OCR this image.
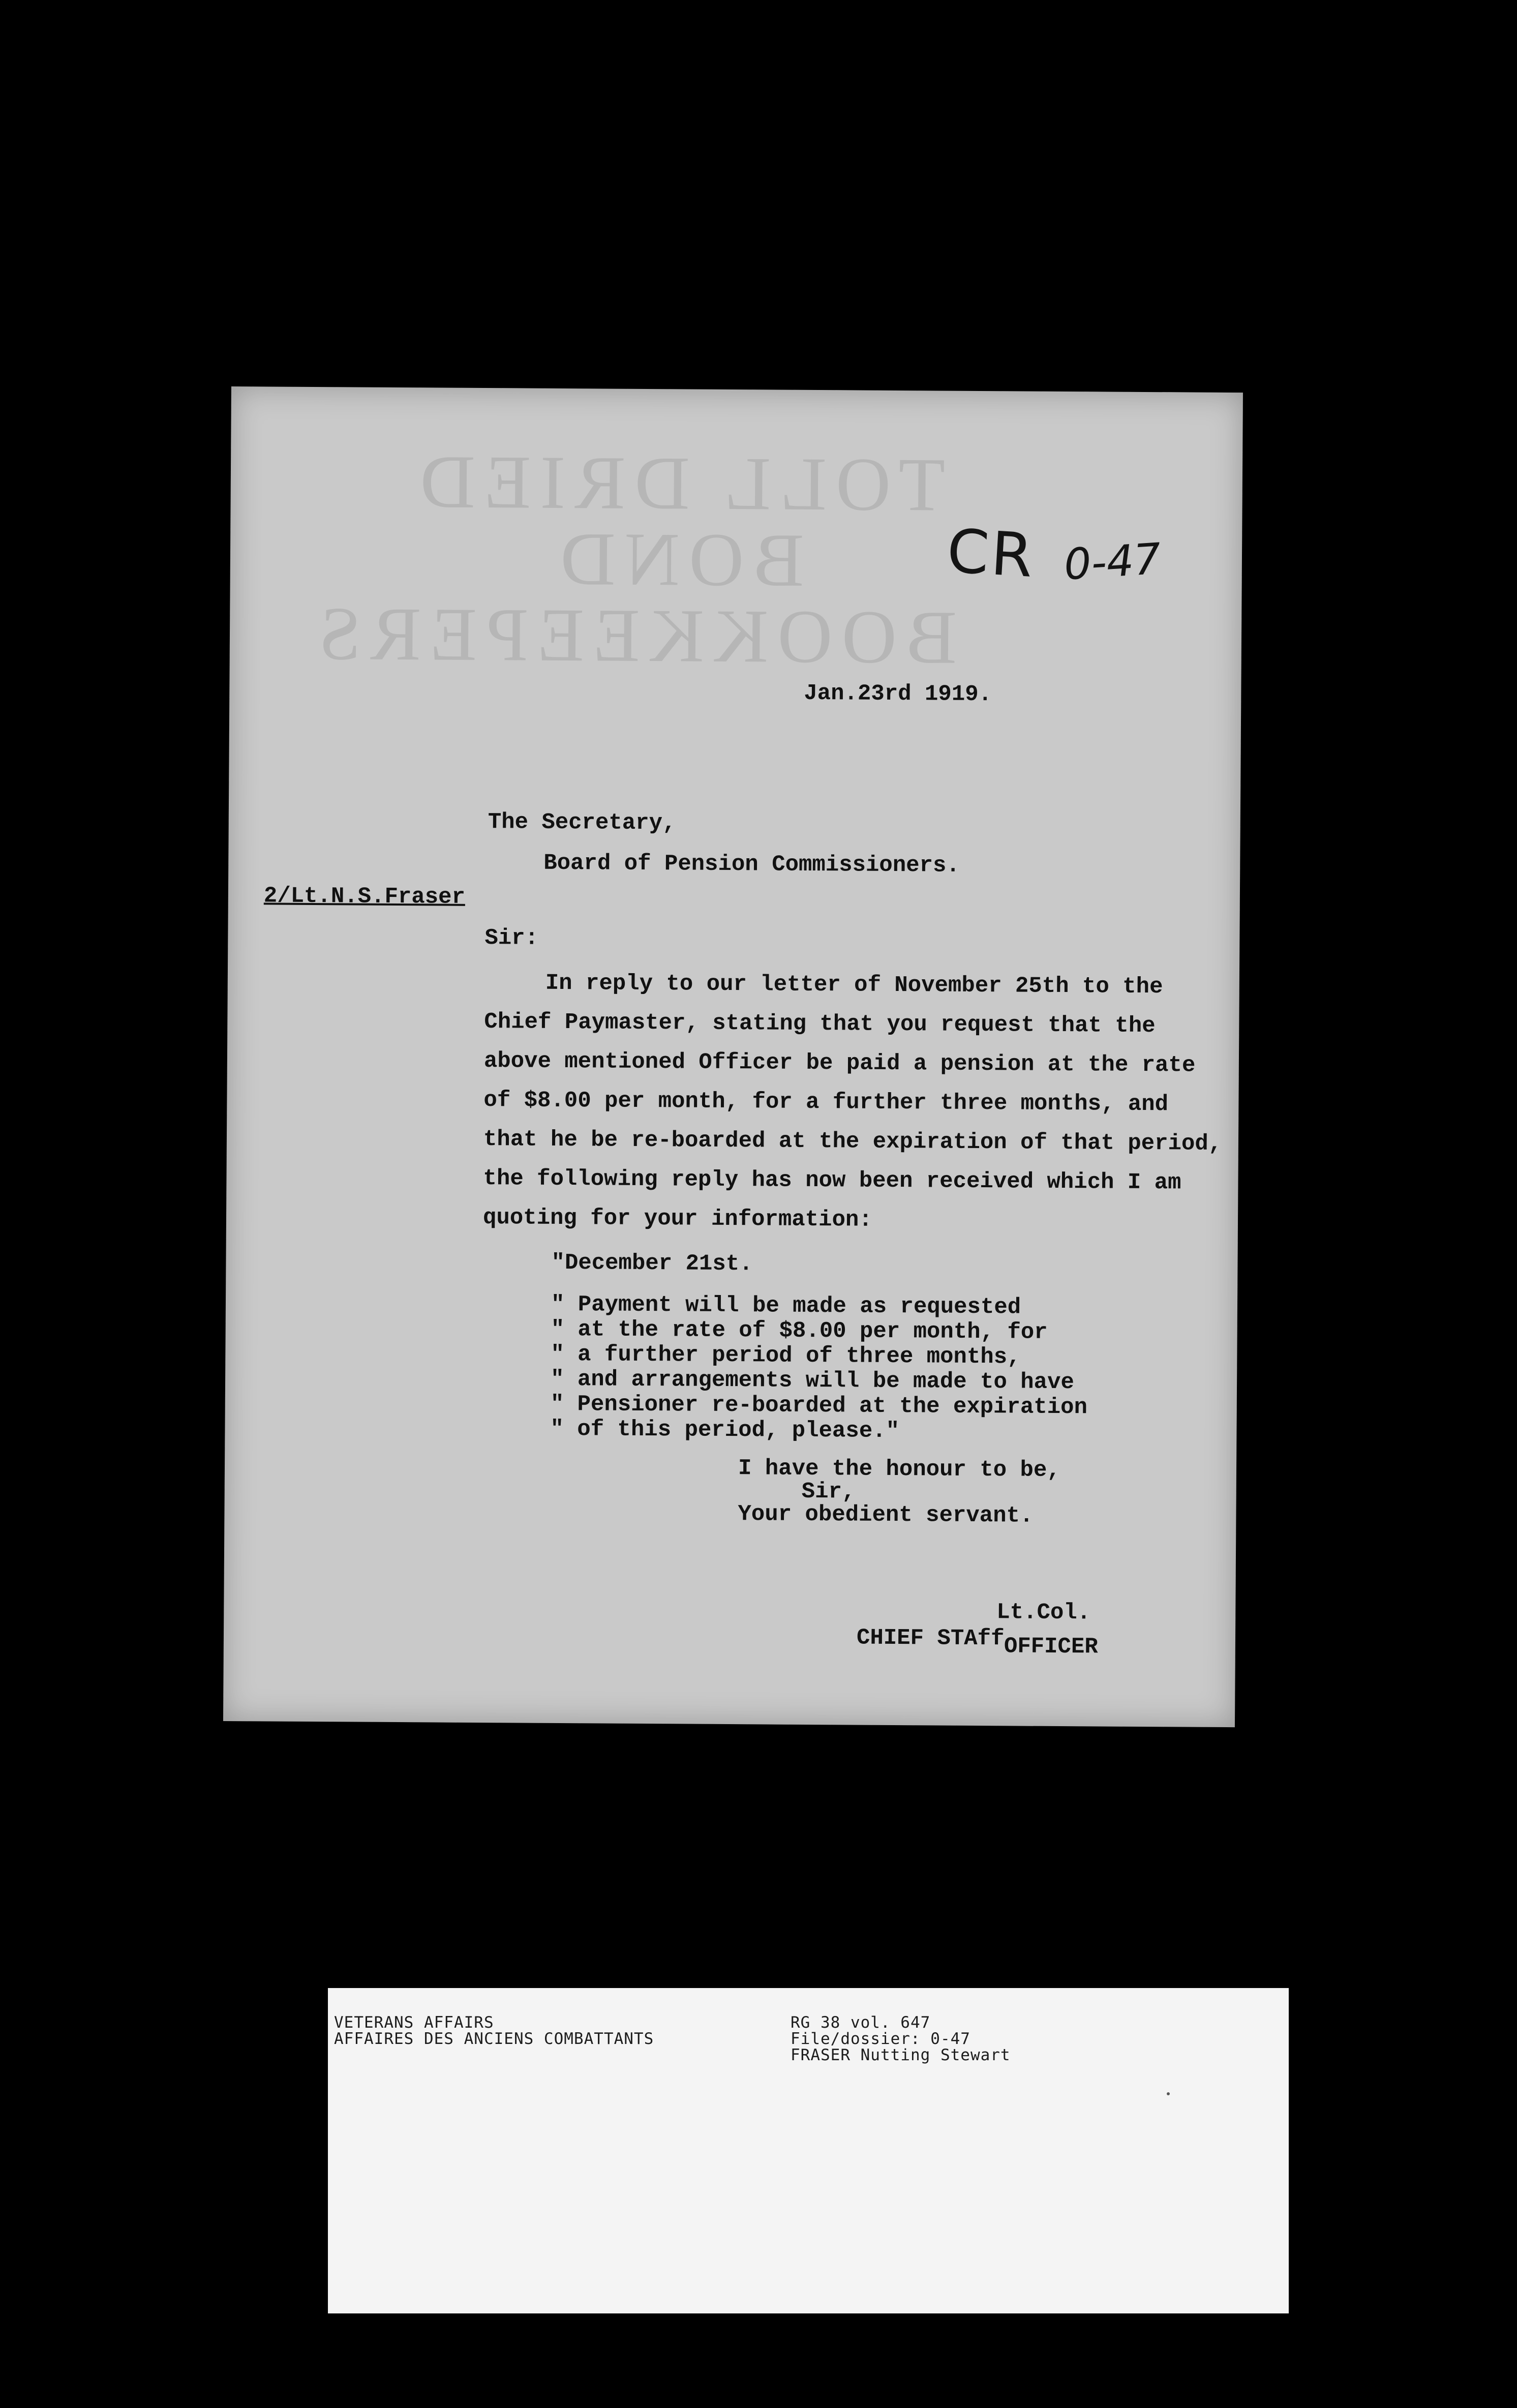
TOLL DRIED
BOND
BOOKKEEPERS
CR 0-47
Jan.23rd 1919.
The Secretary,
Board of Pension Commissioners.
2/Lt.N.S.Fraser
Sir:
In reply to our letter of November 25th to the
Chief Paymaster, stating that you request that the
above mentioned Officer be paid a pension at the rate
of $8.00 per month, for a further three months, and
that he be re-boarded at the expiration of that period,
the following reply has now been received which I am
quoting for your information:
"December 21st.
" Payment will be made as requested
" at the rate of $8.00 per month, for
" a further period of three months,
" and arrangements will be made to have
" Pensioner re-boarded at the expiration
" of this period, please."
I have the honour to be,
Sir,
Your obedient servant.
Lt.Col.
CHIEF STAff OFFICER
VETERANS AFFAIRS
AFFAIRES DES ANCIENS COMBATTANTS
RG 38 vol. 647
File/dossier: 0-47
FRASER Nutting Stewart
